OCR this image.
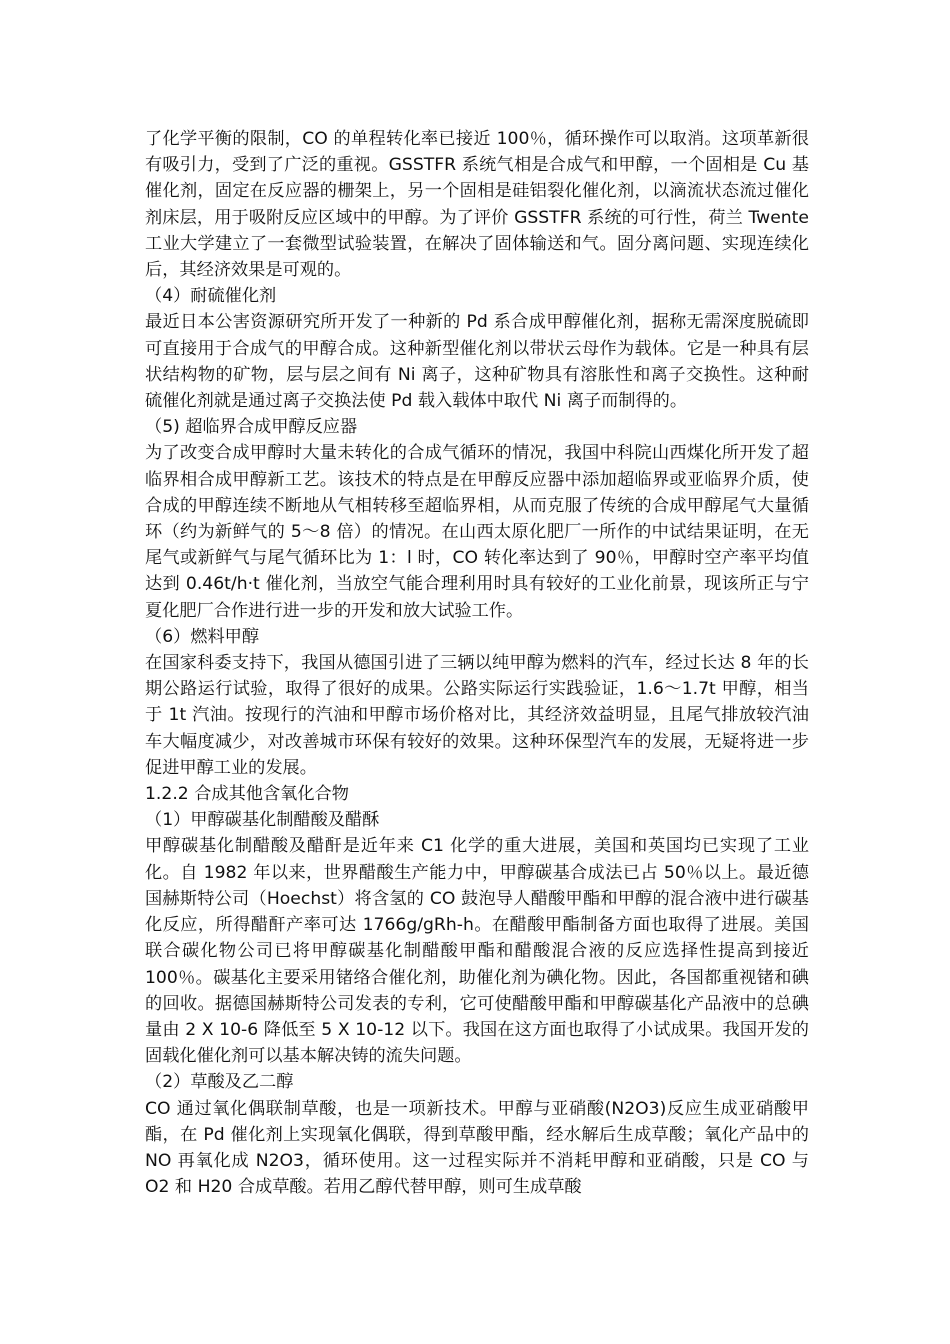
了化学平衡的限制，CO 的单程转化率已接近 100％，循环操作可以取消。这项革新很有吸引力，受到了广泛的重视。GSSTFR 系统气相是合成气和甲醇，一个固相是 Cu 基催化剂，固定在反应器的栅架上，另一个固相是硅铝裂化催化剂，以滴流状态流过催化剂床层，用于吸附反应区域中的甲醇。为了评价 GSSTFR 系统的可行性，荷兰 Twente 工业大学建立了一套微型试验装置，在解决了固体输送和气。固分离问题、实现连续化后，其经济效果是可观的。

（4）耐硫催化剂

最近日本公害资源研究所开发了一种新的 Pd 系合成甲醇催化剂，据称无需深度脱硫即可直接用于合成气的甲醇合成。这种新型催化剂以带状云母作为载体。它是一种具有层状结构物的矿物，层与层之间有 Ni 离子，这种矿物具有溶胀性和离子交换性。这种耐硫催化剂就是通过离子交换法使 Pd 载入载体中取代 Ni 离子而制得的。

（5) 超临界合成甲醇反应器

为了改变合成甲醇时大量未转化的合成气循环的情况，我国中科院山西煤化所开发了超临界相合成甲醇新工艺。该技术的特点是在甲醇反应器中添加超临界或亚临界介质，使合成的甲醇连续不断地从气相转移至超临界相，从而克服了传统的合成甲醇尾气大量循环（约为新鲜气的 5～8 倍）的情况。在山西太原化肥厂一所作的中试结果证明，在无尾气或新鲜气与尾气循环比为 1：l 时，CO 转化率达到了 90％，甲醇时空产率平均值达到 0.46t/h·t 催化剂，当放空气能合理利用时具有较好的工业化前景，现该所正与宁夏化肥厂合作进行进一步的开发和放大试验工作。

（6）燃料甲醇

在国家科委支持下，我国从德国引进了三辆以纯甲醇为燃料的汽车，经过长达 8 年的长期公路运行试验，取得了很好的成果。公路实际运行实践验证，1.6～1.7t 甲醇，相当于 1t 汽油。按现行的汽油和甲醇市场价格对比，其经济效益明显，且尾气排放较汽油车大幅度减少，对改善城市环保有较好的效果。这种环保型汽车的发展，无疑将进一步促进甲醇工业的发展。

1.2.2 合成其他含氧化合物

（1）甲醇碳基化制醋酸及醋酥

甲醇碳基化制醋酸及醋酐是近年来 C1 化学的重大进展，美国和英国均已实现了工业化。自 1982 年以来，世界醋酸生产能力中，甲醇碳基合成法已占 50％以上。最近德国赫斯特公司（Hoechst）将含氢的 CO 鼓泡导人醋酸甲酯和甲醇的混合液中进行碳基化反应，所得醋酐产率可达 1766g/gRh-h。在醋酸甲酯制备方面也取得了进展。美国联合碳化物公司已将甲醇碳基化制醋酸甲酯和醋酸混合液的反应选择性提高到接近 100％。碳基化主要采用锗络合催化剂，助催化剂为碘化物。因此，各国都重视锗和碘的回收。据德国赫斯特公司发表的专利，它可使醋酸甲酯和甲醇碳基化产品液中的总碘量由 2 X 10-6 降低至 5 X 10-12 以下。我国在这方面也取得了小试成果。我国开发的固载化催化剂可以基本解决铸的流失问题。

（2）草酸及乙二醇

CO 通过氧化偶联制草酸，也是一项新技术。甲醇与亚硝酸(N2O3)反应生成亚硝酸甲酯，在 Pd 催化剂上实现氧化偶联，得到草酸甲酯，经水解后生成草酸；氧化产品中的 NO 再氧化成 N2O3，循环使用。这一过程实际并不消耗甲醇和亚硝酸，只是 CO 与 O2 和 H20 合成草酸。若用乙醇代替甲醇，则可生成草酸
